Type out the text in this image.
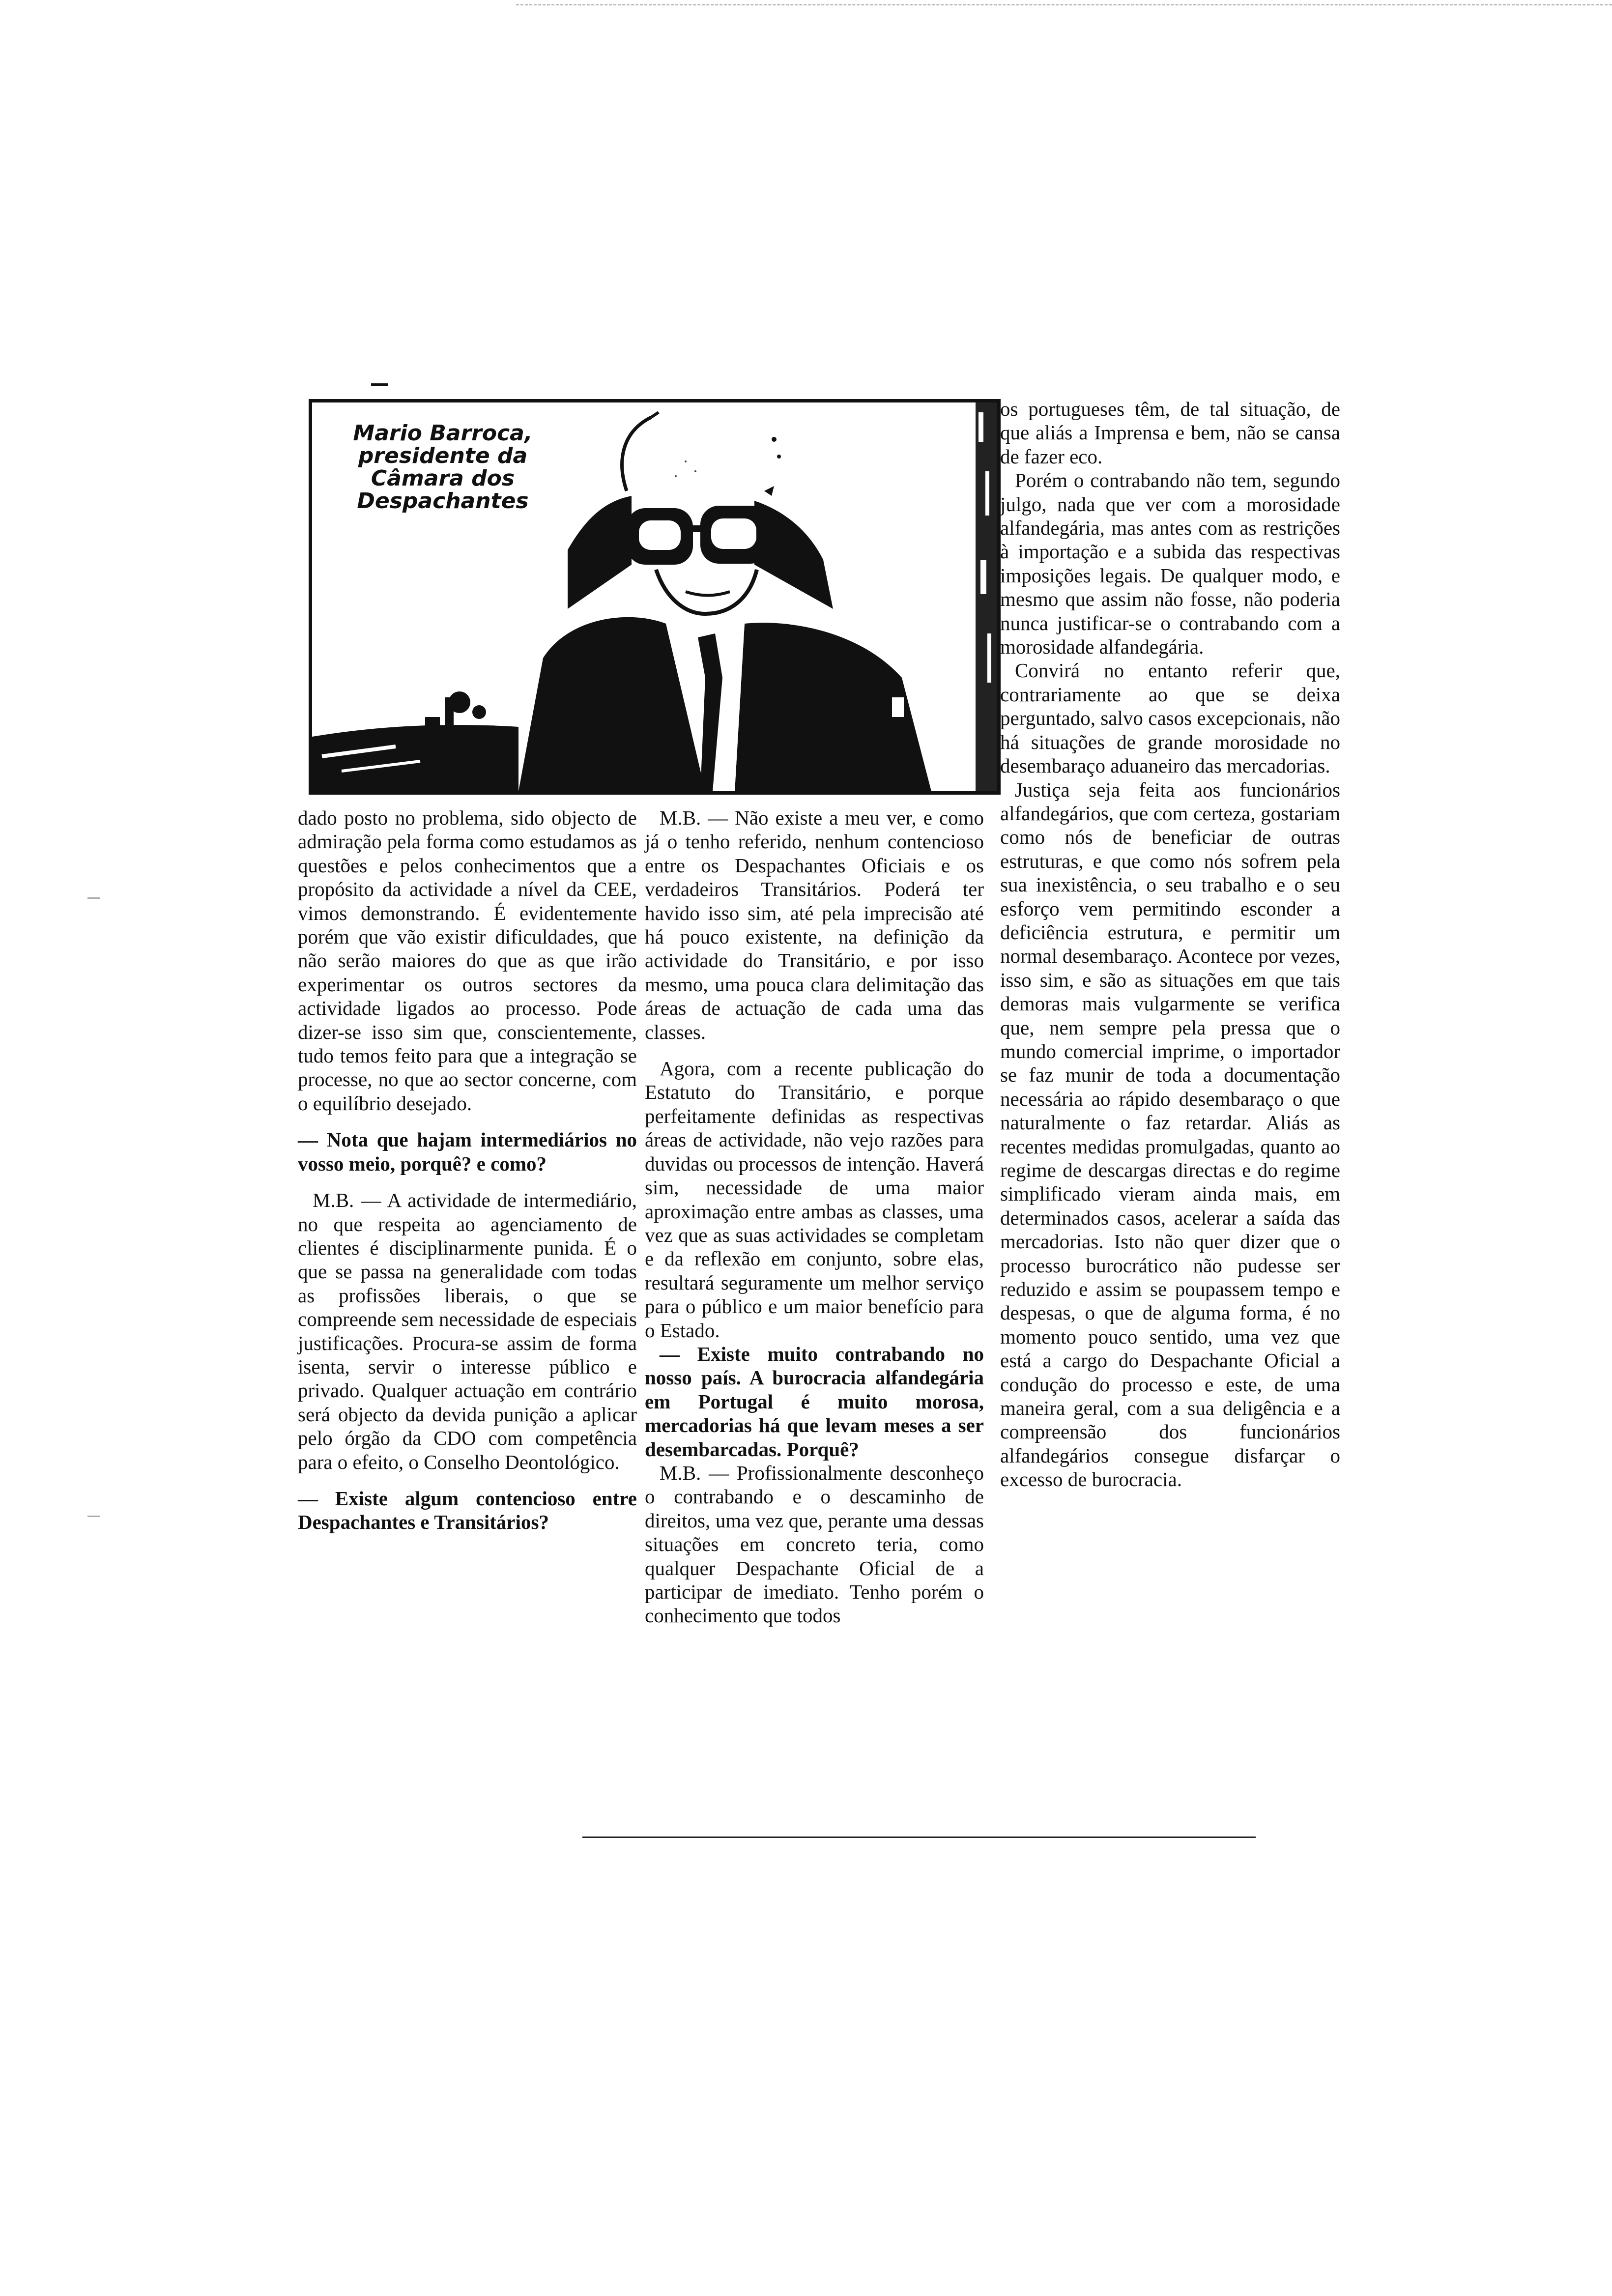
Mario Barroca, presidente da Câmara dos Despachantes

dado posto no problema, sido objecto de admiração pela forma como estudamos as questões e pelos conhecimentos que a propósito da actividade a nível da CEE, vimos demonstrando. É evidentemente porém que vão existir dificuldades, que não serão maiores do que as que irão experimentar os outros sectores da actividade ligados ao processo. Pode dizer-se isso sim que, conscientemente, tudo temos feito para que a integração se processe, no que ao sector concerne, com o equilíbrio desejado.

— Nota que hajam intermediários no vosso meio, porquê? e como?

M.B. — A actividade de intermediário, no que respeita ao agenciamento de clientes é disciplinarmente punida. É o que se passa na generalidade com todas as profissões liberais, o que se compreende sem necessidade de especiais justificações. Procura-se assim de forma isenta, servir o interesse público e privado. Qualquer actuação em contrário será objecto da devida punição a aplicar pelo órgão da CDO com competência para o efeito, o Conselho Deontológico.

— Existe algum contencioso entre Despachantes e Transitários?

M.B. — Não existe a meu ver, e como já o tenho referido, nenhum contencioso entre os Despachantes Oficiais e os verdadeiros Transitários. Poderá ter havido isso sim, até pela imprecisão até há pouco existente, na definição da actividade do Transitário, e por isso mesmo, uma pouca clara delimitação das áreas de actuação de cada uma das classes.

Agora, com a recente publicação do Estatuto do Transitário, e porque perfeitamente definidas as respectivas áreas de actividade, não vejo razões para duvidas ou processos de intenção. Haverá sim, necessidade de uma maior aproximação entre ambas as classes, uma vez que as suas actividades se completam e da reflexão em conjunto, sobre elas, resultará seguramente um melhor serviço para o público e um maior benefício para o Estado.

— Existe muito contrabando no nosso país. A burocracia alfandegária em Portugal é muito morosa, mercadorias há que levam meses a ser desembarcadas. Porquê?

M.B. — Profissionalmente desconheço o contrabando e o descaminho de direitos, uma vez que, perante uma dessas situações em concreto teria, como qualquer Despachante Oficial de a participar de imediato. Tenho porém o conhecimento que todos

os portugueses têm, de tal situação, de que aliás a Imprensa e bem, não se cansa de fazer eco.

Porém o contrabando não tem, segundo julgo, nada que ver com a morosidade alfandegária, mas antes com as restrições à importação e a subida das respectivas imposições legais. De qualquer modo, e mesmo que assim não fosse, não poderia nunca justificar-se o contrabando com a morosidade alfandegária.

Convirá no entanto referir que, contrariamente ao que se deixa perguntado, salvo casos excepcionais, não há situações de grande morosidade no desembaraço aduaneiro das mercadorias.

Justiça seja feita aos funcionários alfandegários, que com certeza, gostariam como nós de beneficiar de outras estruturas, e que como nós sofrem pela sua inexistência, o seu trabalho e o seu esforço vem permitindo esconder a deficiência estrutura, e permitir um normal desembaraço. Acontece por vezes, isso sim, e são as situações em que tais demoras mais vulgarmente se verifica que, nem sempre pela pressa que o mundo comercial imprime, o importador se faz munir de toda a documentação necessária ao rápido desembaraço o que naturalmente o faz retardar. Aliás as recentes medidas promulgadas, quanto ao regime de descargas directas e do regime simplificado vieram ainda mais, em determinados casos, acelerar a saída das mercadorias. Isto não quer dizer que o processo burocrático não pudesse ser reduzido e assim se poupassem tempo e despesas, o que de alguma forma, é no momento pouco sentido, uma vez que está a cargo do Despachante Oficial a condução do processo e este, de uma maneira geral, com a sua deligência e a compreensão dos funcionários alfandegários consegue disfarçar o excesso de burocracia.
